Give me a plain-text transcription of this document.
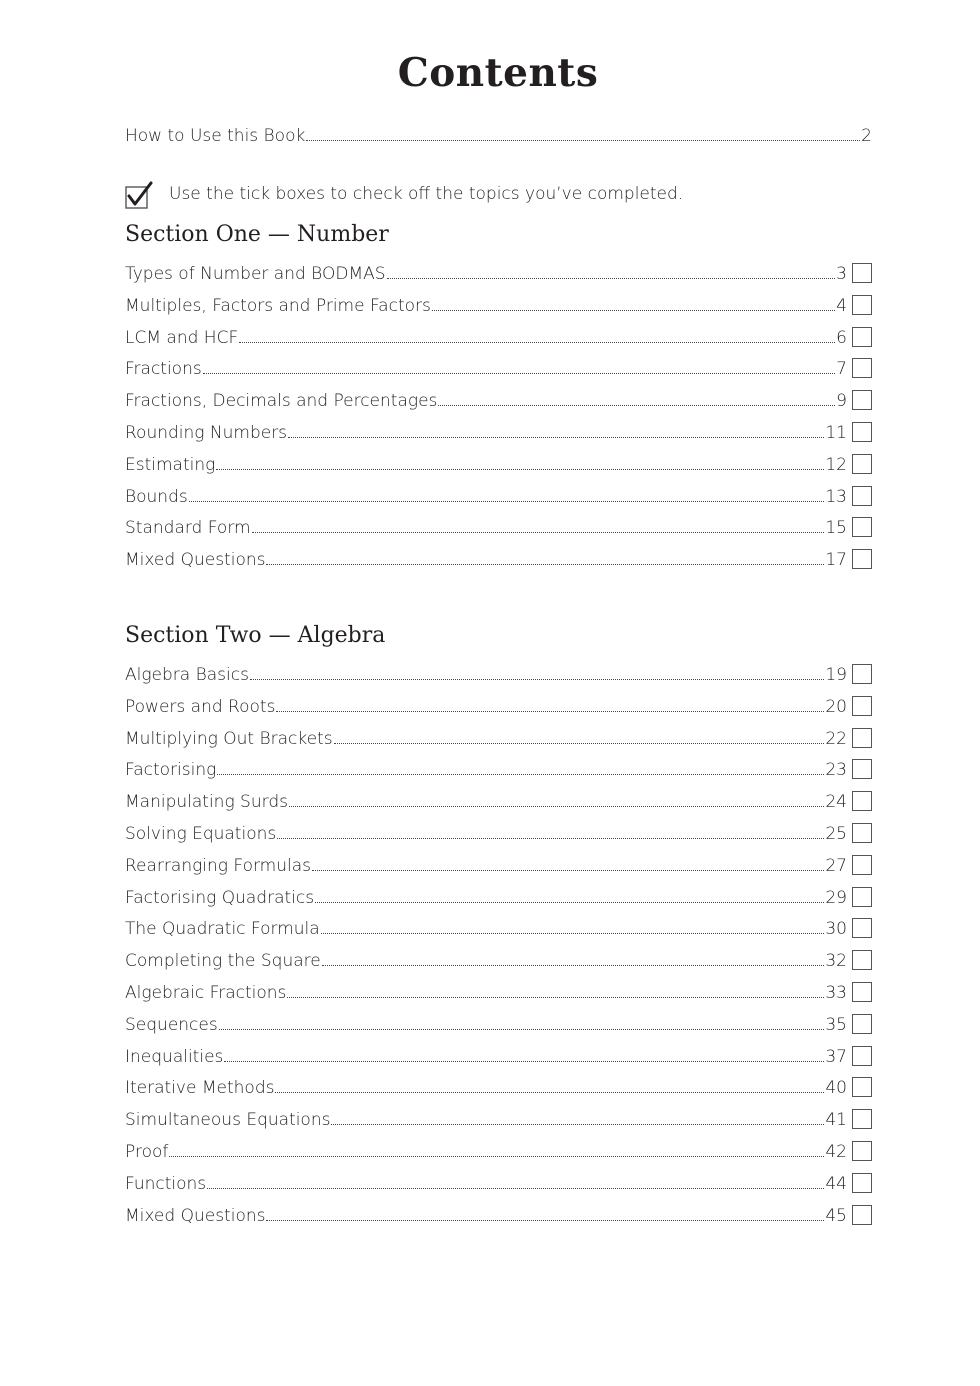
Contents
How to Use this Book	2
Use the tick boxes to check off the topics you’ve completed.
Section One — Number
Types of Number and BODMAS	3
Multiples, Factors and Prime Factors	4
LCM and HCF	6
Fractions	7
Fractions, Decimals and Percentages	9
Rounding Numbers	11
Estimating	12
Bounds	13
Standard Form	15
Mixed Questions	17
Section Two — Algebra
Algebra Basics	19
Powers and Roots	20
Multiplying Out Brackets	22
Factorising	23
Manipulating Surds	24
Solving Equations	25
Rearranging Formulas	27
Factorising Quadratics	29
The Quadratic Formula	30
Completing the Square	32
Algebraic Fractions	33
Sequences	35
Inequalities	37
Iterative Methods	40
Simultaneous Equations	41
Proof	42
Functions	44
Mixed Questions	45
